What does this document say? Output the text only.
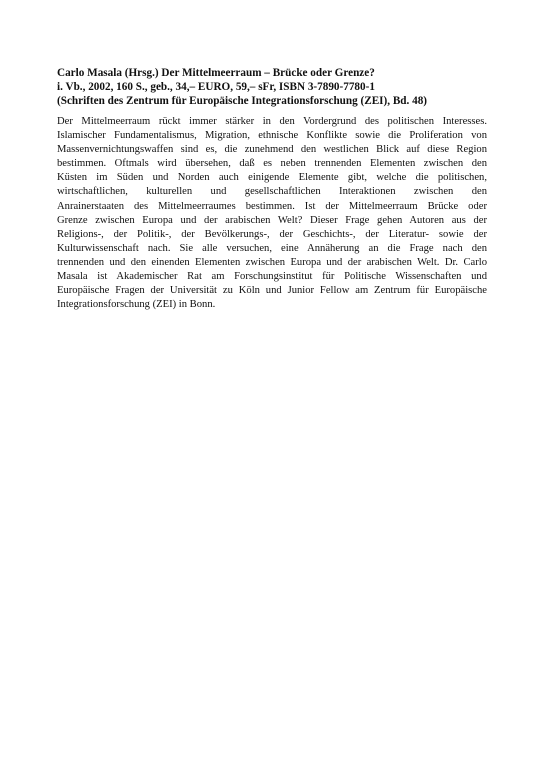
Carlo Masala (Hrsg.) Der Mittelmeerraum – Brücke oder Grenze?
i. Vb., 2002, 160 S., geb., 34,– EURO, 59,– sFr, ISBN 3-7890-7780-1
(Schriften des Zentrum für Europäische Integrationsforschung (ZEI), Bd. 48)
Der Mittelmeerraum rückt immer stärker in den Vordergrund des politischen Interesses.
Islamischer Fundamentalismus, Migration, ethnische Konflikte sowie die Proliferation von
Massenvernichtungswaffen sind es, die zunehmend den westlichen Blick auf diese Region
bestimmen. Oftmals wird übersehen, daß es neben trennenden Elementen zwischen den
Küsten im Süden und Norden auch einigende Elemente gibt, welche die politischen,
wirtschaftlichen, kulturellen und gesellschaftlichen Interaktionen zwischen den
Anrainerstaaten des Mittelmeerraumes bestimmen. Ist der Mittelmeerraum Brücke oder
Grenze zwischen Europa und der arabischen Welt? Dieser Frage gehen Autoren aus der
Religions-, der Politik-, der Bevölkerungs-, der Geschichts-, der Literatur- sowie der
Kulturwissenschaft nach. Sie alle versuchen, eine Annäherung an die Frage nach den
trennenden und den einenden Elementen zwischen Europa und der arabischen Welt. Dr. Carlo
Masala ist Akademischer Rat am Forschungsinstitut für Politische Wissenschaften und
Europäische Fragen der Universität zu Köln und Junior Fellow am Zentrum für Europäische
Integrationsforschung (ZEI) in Bonn.
